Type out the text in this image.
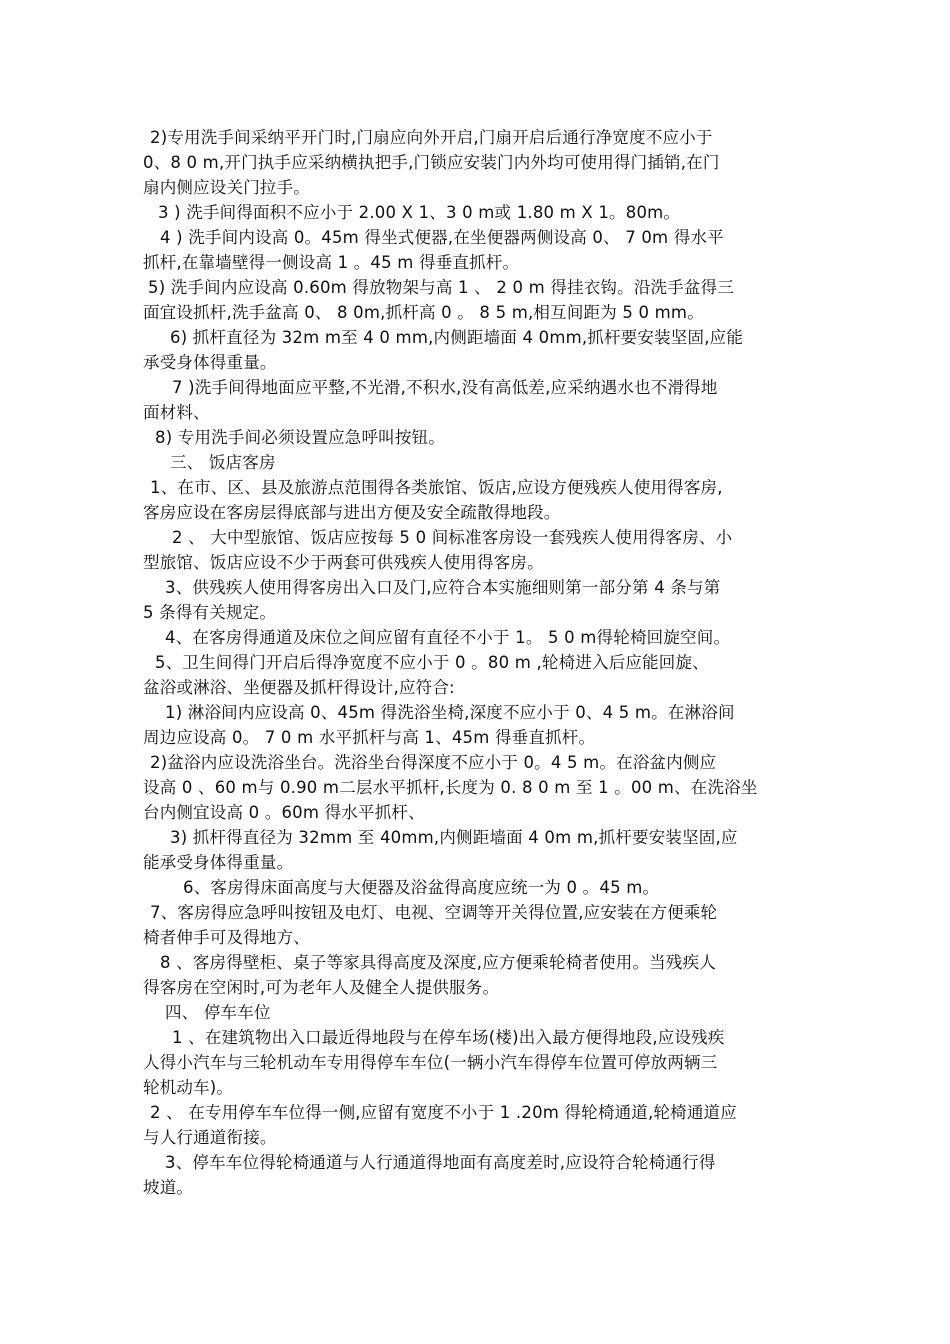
2)专用洗手间采纳平开门时,门扇应向外开启,门扇开启后通行净宽度不应小于
0、8 0 m,开门执手应采纳横执把手,门锁应安装门内外均可使用得门插销,在门
扇内侧应设关门拉手。
3 ) 洗手间得面积不应小于 2.00 X 1、3 0 m或 1.80 m X 1。80m。
4 ) 洗手间内设高 0。45m 得坐式便器,在坐便器两侧设高 0、 7 0m 得水平
抓杆,在靠墙壁得一侧设高 1 。45 m 得垂直抓杆。
5) 洗手间内应设高 0.60m 得放物架与高 1 、 2 0 m 得挂衣钩。沿洗手盆得三
面宜设抓杆,洗手盆高 0、 8 0m,抓杆高 0 。 8 5 m,相互间距为 5 0 mm。
6) 抓杆直径为 32m m至 4 0 mm,内侧距墙面 4 0mm,抓杆要安装坚固,应能
承受身体得重量。
7 )洗手间得地面应平整,不光滑,不积水,没有高低差,应采纳遇水也不滑得地
面材料、
8) 专用洗手间必须设置应急呼叫按钮。
三、 饭店客房
1、在市、区、县及旅游点范围得各类旅馆、饭店,应设方便残疾人使用得客房,
客房应设在客房层得底部与进出方便及安全疏散得地段。
2 、 大中型旅馆、饭店应按每 5 0 间标准客房设一套残疾人使用得客房、小
型旅馆、饭店应设不少于两套可供残疾人使用得客房。
3、供残疾人使用得客房出入口及门,应符合本实施细则第一部分第 4 条与第
5 条得有关规定。
4、在客房得通道及床位之间应留有直径不小于 1。 5 0 m得轮椅回旋空间。
5、卫生间得门开启后得净宽度不应小于 0 。80 m ,轮椅进入后应能回旋、
盆浴或淋浴、坐便器及抓杆得设计,应符合:
1) 淋浴间内应设高 0、45m 得洗浴坐椅,深度不应小于 0、4 5 m。在淋浴间
周边应设高 0。 7 0 m 水平抓杆与高 1、45m 得垂直抓杆。
2)盆浴内应设洗浴坐台。洗浴坐台得深度不应小于 0。4 5 m。在浴盆内侧应
设高 0 、60 m与 0.90 m二层水平抓杆,长度为 0. 8 0 m 至 1 。00 m、在洗浴坐
台内侧宜设高 0 。60m 得水平抓杆、
3) 抓杆得直径为 32mm 至 40mm,内侧距墙面 4 0m m,抓杆要安装坚固,应
能承受身体得重量。
6、客房得床面高度与大便器及浴盆得高度应统一为 0 。45 m。
7、客房得应急呼叫按钮及电灯、电视、空调等开关得位置,应安装在方便乘轮
椅者伸手可及得地方、
8 、客房得壁柜、桌子等家具得高度及深度,应方便乘轮椅者使用。当残疾人
得客房在空闲时,可为老年人及健全人提供服务。
四、 停车车位
1 、在建筑物出入口最近得地段与在停车场(楼)出入最方便得地段,应设残疾
人得小汽车与三轮机动车专用得停车车位(一辆小汽车得停车位置可停放两辆三
轮机动车)。
2 、 在专用停车车位得一侧,应留有宽度不小于 1 .20m 得轮椅通道,轮椅通道应
与人行通道衔接。
3、停车车位得轮椅通道与人行通道得地面有高度差时,应设符合轮椅通行得
坡道。
